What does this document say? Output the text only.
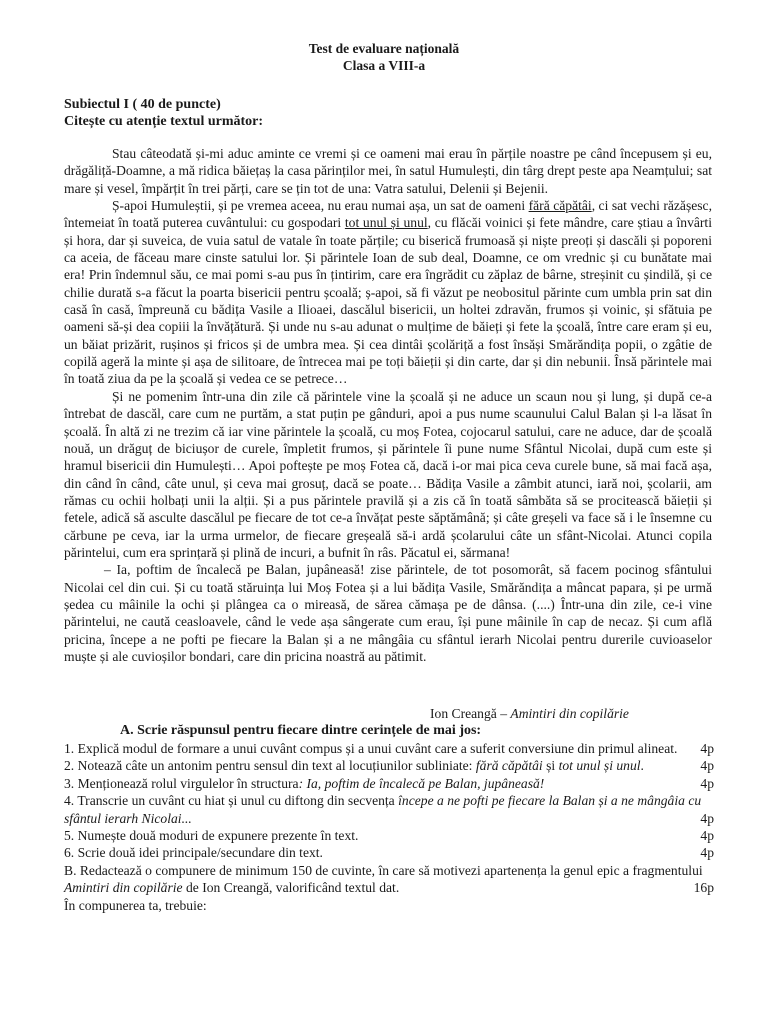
Test de evaluare națională
Clasa a VIII-a
Subiectul I ( 40 de puncte)
Citește cu atenție textul următor:

Stau câteodată și-mi aduc aminte ce vremi și ce oameni mai erau în părțile noastre pe când începusem și eu, drăgăliță-Doamne, a mă ridica băiețaș la casa părinților mei, în satul Humulești, din târg drept peste apa Neamțului; sat mare și vesel, împărțit în trei părți, care se țin tot de una: Vatra satului, Delenii și Bejenii.

Ș-apoi Humuleștii, și pe vremea aceea, nu erau numai așa, un sat de oameni fără căpătâi, ci sat vechi răzășesc, întemeiat în toată puterea cuvântului: cu gospodari tot unul și unul, cu flăcăi voinici și fete mândre, care știau a învârti și hora, dar și suveica, de vuia satul de vatale în toate părțile; cu biserică frumoasă și niște preoți și dascăli și poporeni ca aceia, de făceau mare cinste satului lor. Și părintele Ioan de sub deal, Doamne, ce om vrednic și cu bunătate mai era! Prin îndemnul său, ce mai pomi s-au pus în țintirim, care era îngrădit cu zăplaz de bârne, streșinit cu șindilă, și ce chilie durată s-a făcut la poarta bisericii pentru școală; ș-apoi, să fi văzut pe neobositul părinte cum umbla prin sat din casă în casă, împreună cu bădița Vasile a Ilioaei, dascălul bisericii, un holtei zdravăn, frumos și voinic, și sfătuia pe oameni să-și dea copiii la învățătură. Și unde nu s-au adunat o mulțime de băieți și fete la școală, între care eram și eu, un băiat prizărit, rușinos și fricos și de umbra mea. Și cea dintâi școlăriță a fost însăși Smărăndița popii, o zgâtie de copilă ageră la minte și așa de silitoare, de întrecea mai pe toți băieții și din carte, dar și din nebunii. Însă părintele mai în toată ziua da pe la școală și vedea ce se petrece…

Și ne pomenim într-una din zile că părintele vine la școală și ne aduce un scaun nou și lung, și după ce-a întrebat de dascăl, care cum ne purtăm, a stat puțin pe gânduri, apoi a pus nume scaunului Calul Balan și l-a lăsat în școală. În altă zi ne trezim că iar vine părintele la școală, cu moș Fotea, cojocarul satului, care ne aduce, dar de școală nouă, un drăguț de biciușor de curele, împletit frumos, și părintele îi pune nume Sfântul Nicolai, după cum este și hramul bisericii din Humulești… Apoi poftește pe moș Fotea că, dacă i-or mai pica ceva curele bune, să mai facă așa, din când în când, câte unul, și ceva mai grosuț, dacă se poate… Bădița Vasile a zâmbit atunci, iară noi, școlarii, am rămas cu ochii holbați unii la alții. Și a pus părintele pravilă și a zis că în toată sâmbăta să se procitească băieții și fetele, adică să asculte dascălul pe fiecare de tot ce-a învățat peste săptămână; și câte greșeli va face să i le însemne cu cărbune pe ceva, iar la urma urmelor, de fiecare greșeală să-i ardă școlarului câte un sfânt-Nicolai. Atunci copila părintelui, cum era sprințară și plină de incuri, a bufnit în râs. Păcatul ei, sărmana!

– Ia, poftim de încalecă pe Balan, jupâneasă! zise părintele, de tot posomorât, să facem pocinog sfântului Nicolai cel din cui. Și cu toată stăruința lui Moș Fotea și a lui bădița Vasile, Smărăndița a mâncat papara, și pe urmă ședea cu mâinile la ochi și plângea ca o mireasă, de sărea cămașa pe de dânsa. (....) Într-una din zile, ce-i vine părintelui, ne caută ceasloavele, când le vede așa sângerate cum erau, își pune mâinile în cap de necaz. Și cum află pricina, începe a ne pofti pe fiecare la Balan și a ne mângâia cu sfântul ierarh Nicolai pentru durerile cuvioaselor muște și ale cuvioșilor bondari, care din pricina noastră au pătimit.

Ion Creangă – Amintiri din copilărie
A. Scrie răspunsul pentru fiecare dintre cerințele de mai jos:
1. Explică modul de formare a unui cuvânt compus și a unui cuvânt care a suferit conversiune din primul alineat. 4p
2. Notează câte un antonim pentru sensul din text al locuțiunilor subliniate: fără căpătâi și tot unul și unul.	4p
3. Menționează rolul virgulelor în structura: Ia, poftim de încalecă pe Balan, jupâneasă!	4p
4. Transcrie un cuvânt cu hiat și unul cu diftong din secvența începe a ne pofti pe fiecare la Balan și a ne mângâia cu sfântul ierarh Nicolai...	4p
5. Numește două moduri de expunere prezente în text.	4p
6. Scrie două idei principale/secundare din text.	4p
B. Redactează o compunere de minimum 150 de cuvinte, în care să motivezi apartenența la genul epic a fragmentului Amintiri din copilărie de Ion Creangă, valorificând textul dat.	16p
În compunerea ta, trebuie:
